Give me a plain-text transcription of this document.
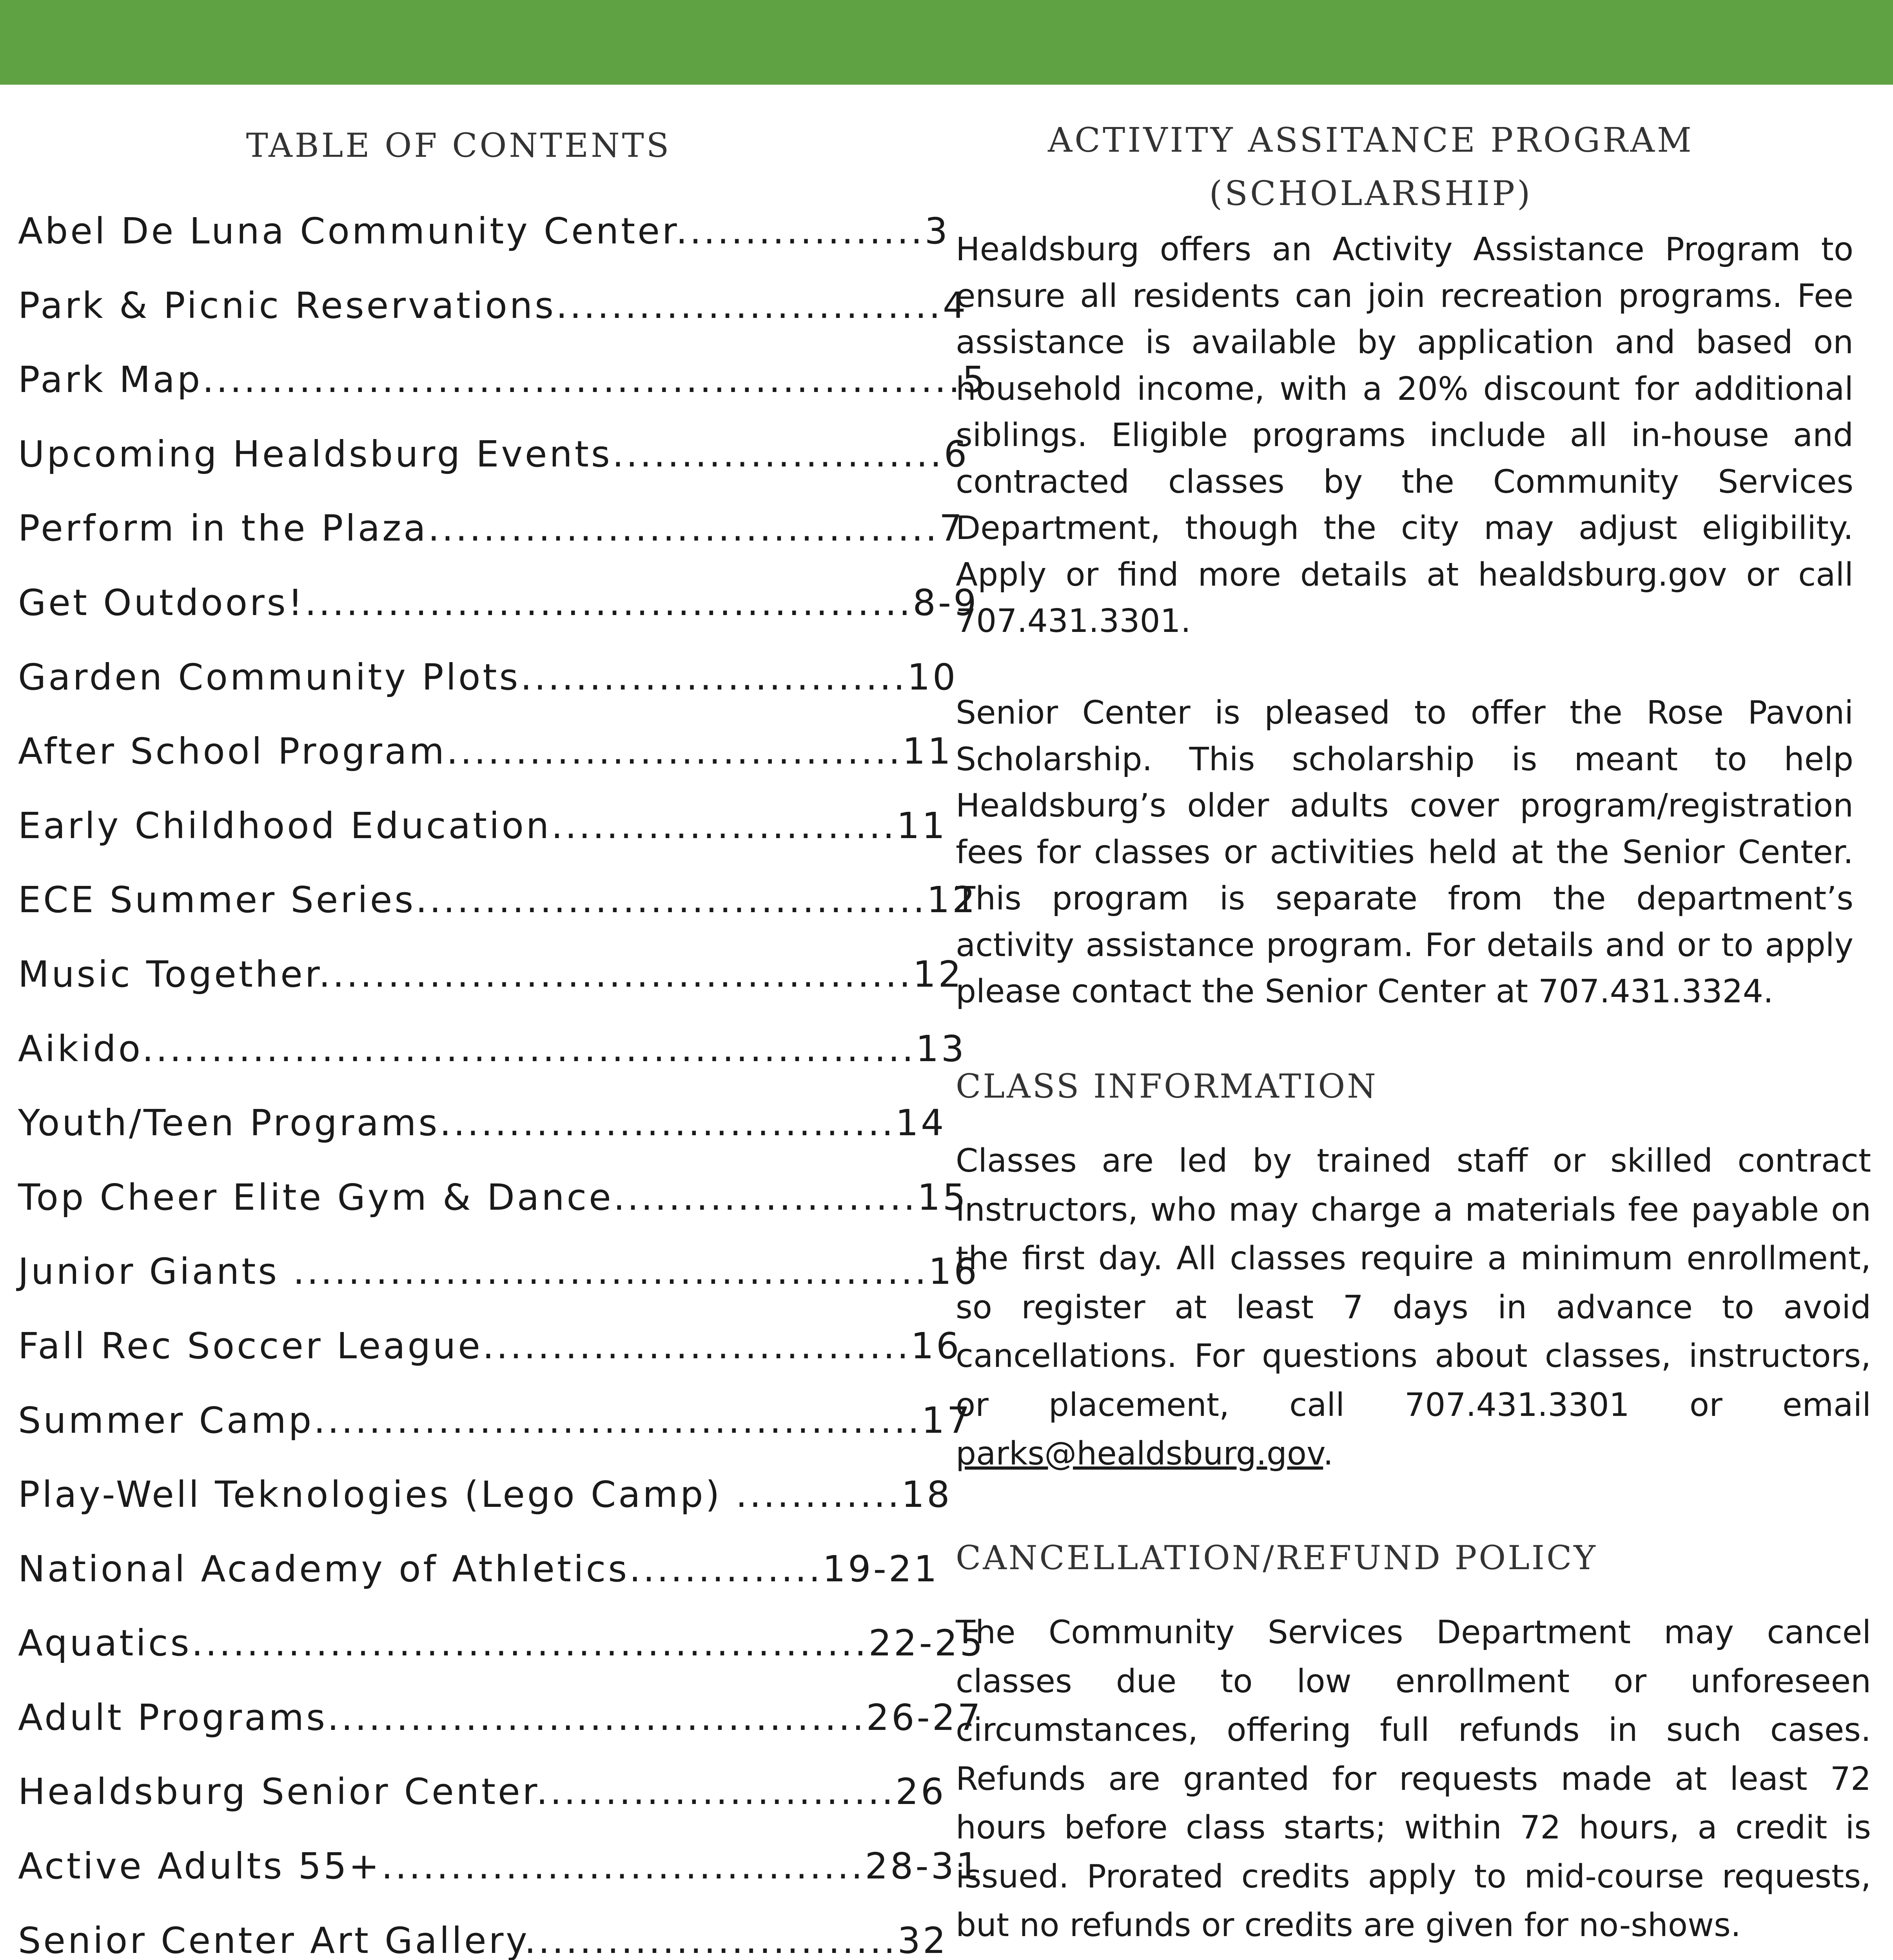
TABLE OF CONTENTS
Abel De Luna Community Center..................3
Park & Picnic Reservations............................4
Park Map.......................................................5
Upcoming Healdsburg Events........................6
Perform in the Plaza.....................................7
Get Outdoors!............................................8-9
Garden Community Plots............................10
After School Program.................................11
Early Childhood Education.........................11
ECE Summer Series.....................................12
Music Together...........................................12
Aikido........................................................13
Youth/Teen Programs.................................14
Top Cheer Elite Gym & Dance......................15
Junior Giants ..............................................16
Fall Rec Soccer League...............................16
Summer Camp............................................17
Play-Well Teknologies (Lego Camp) ............18
National Academy of Athletics..............19-21
Aquatics.................................................22-25
Adult Programs.......................................26-27
Healdsburg Senior Center..........................26
Active Adults 55+...................................28-31
Senior Center Art Gallery...........................32
ACTIVITY ASSITANCE PROGRAM
(SCHOLARSHIP)

Healdsburg offers an Activity Assistance Program to ensure all residents can join recreation programs. Fee assistance is available by application and based on household income, with a 20% discount for additional siblings. Eligible programs include all in-house and contracted classes by the Community Services Department, though the city may adjust eligibility. Apply or find more details at healdsburg.gov or call 707.431.3301.

Senior Center is pleased to offer the Rose Pavoni Scholarship. This scholarship is meant to help Healdsburg’s older adults cover program/registration fees for classes or activities held at the Senior Center. This program is separate from the department’s activity assistance program. For details and or to apply please contact the Senior Center at 707.431.3324.

CLASS INFORMATION

Classes are led by trained staff or skilled contract instructors, who may charge a materials fee payable on the first day. All classes require a minimum enrollment, so register at least 7 days in advance to avoid cancellations. For questions about classes, instructors, or placement, call 707.431.3301 or email parks@healdsburg.gov.

CANCELLATION/REFUND POLICY

The Community Services Department may cancel classes due to low enrollment or unforeseen circumstances, offering full refunds in such cases. Refunds are granted for requests made at least 72 hours before class starts; within 72 hours, a credit is issued. Prorated credits apply to mid-course requests, but no refunds or credits are given for no-shows.
